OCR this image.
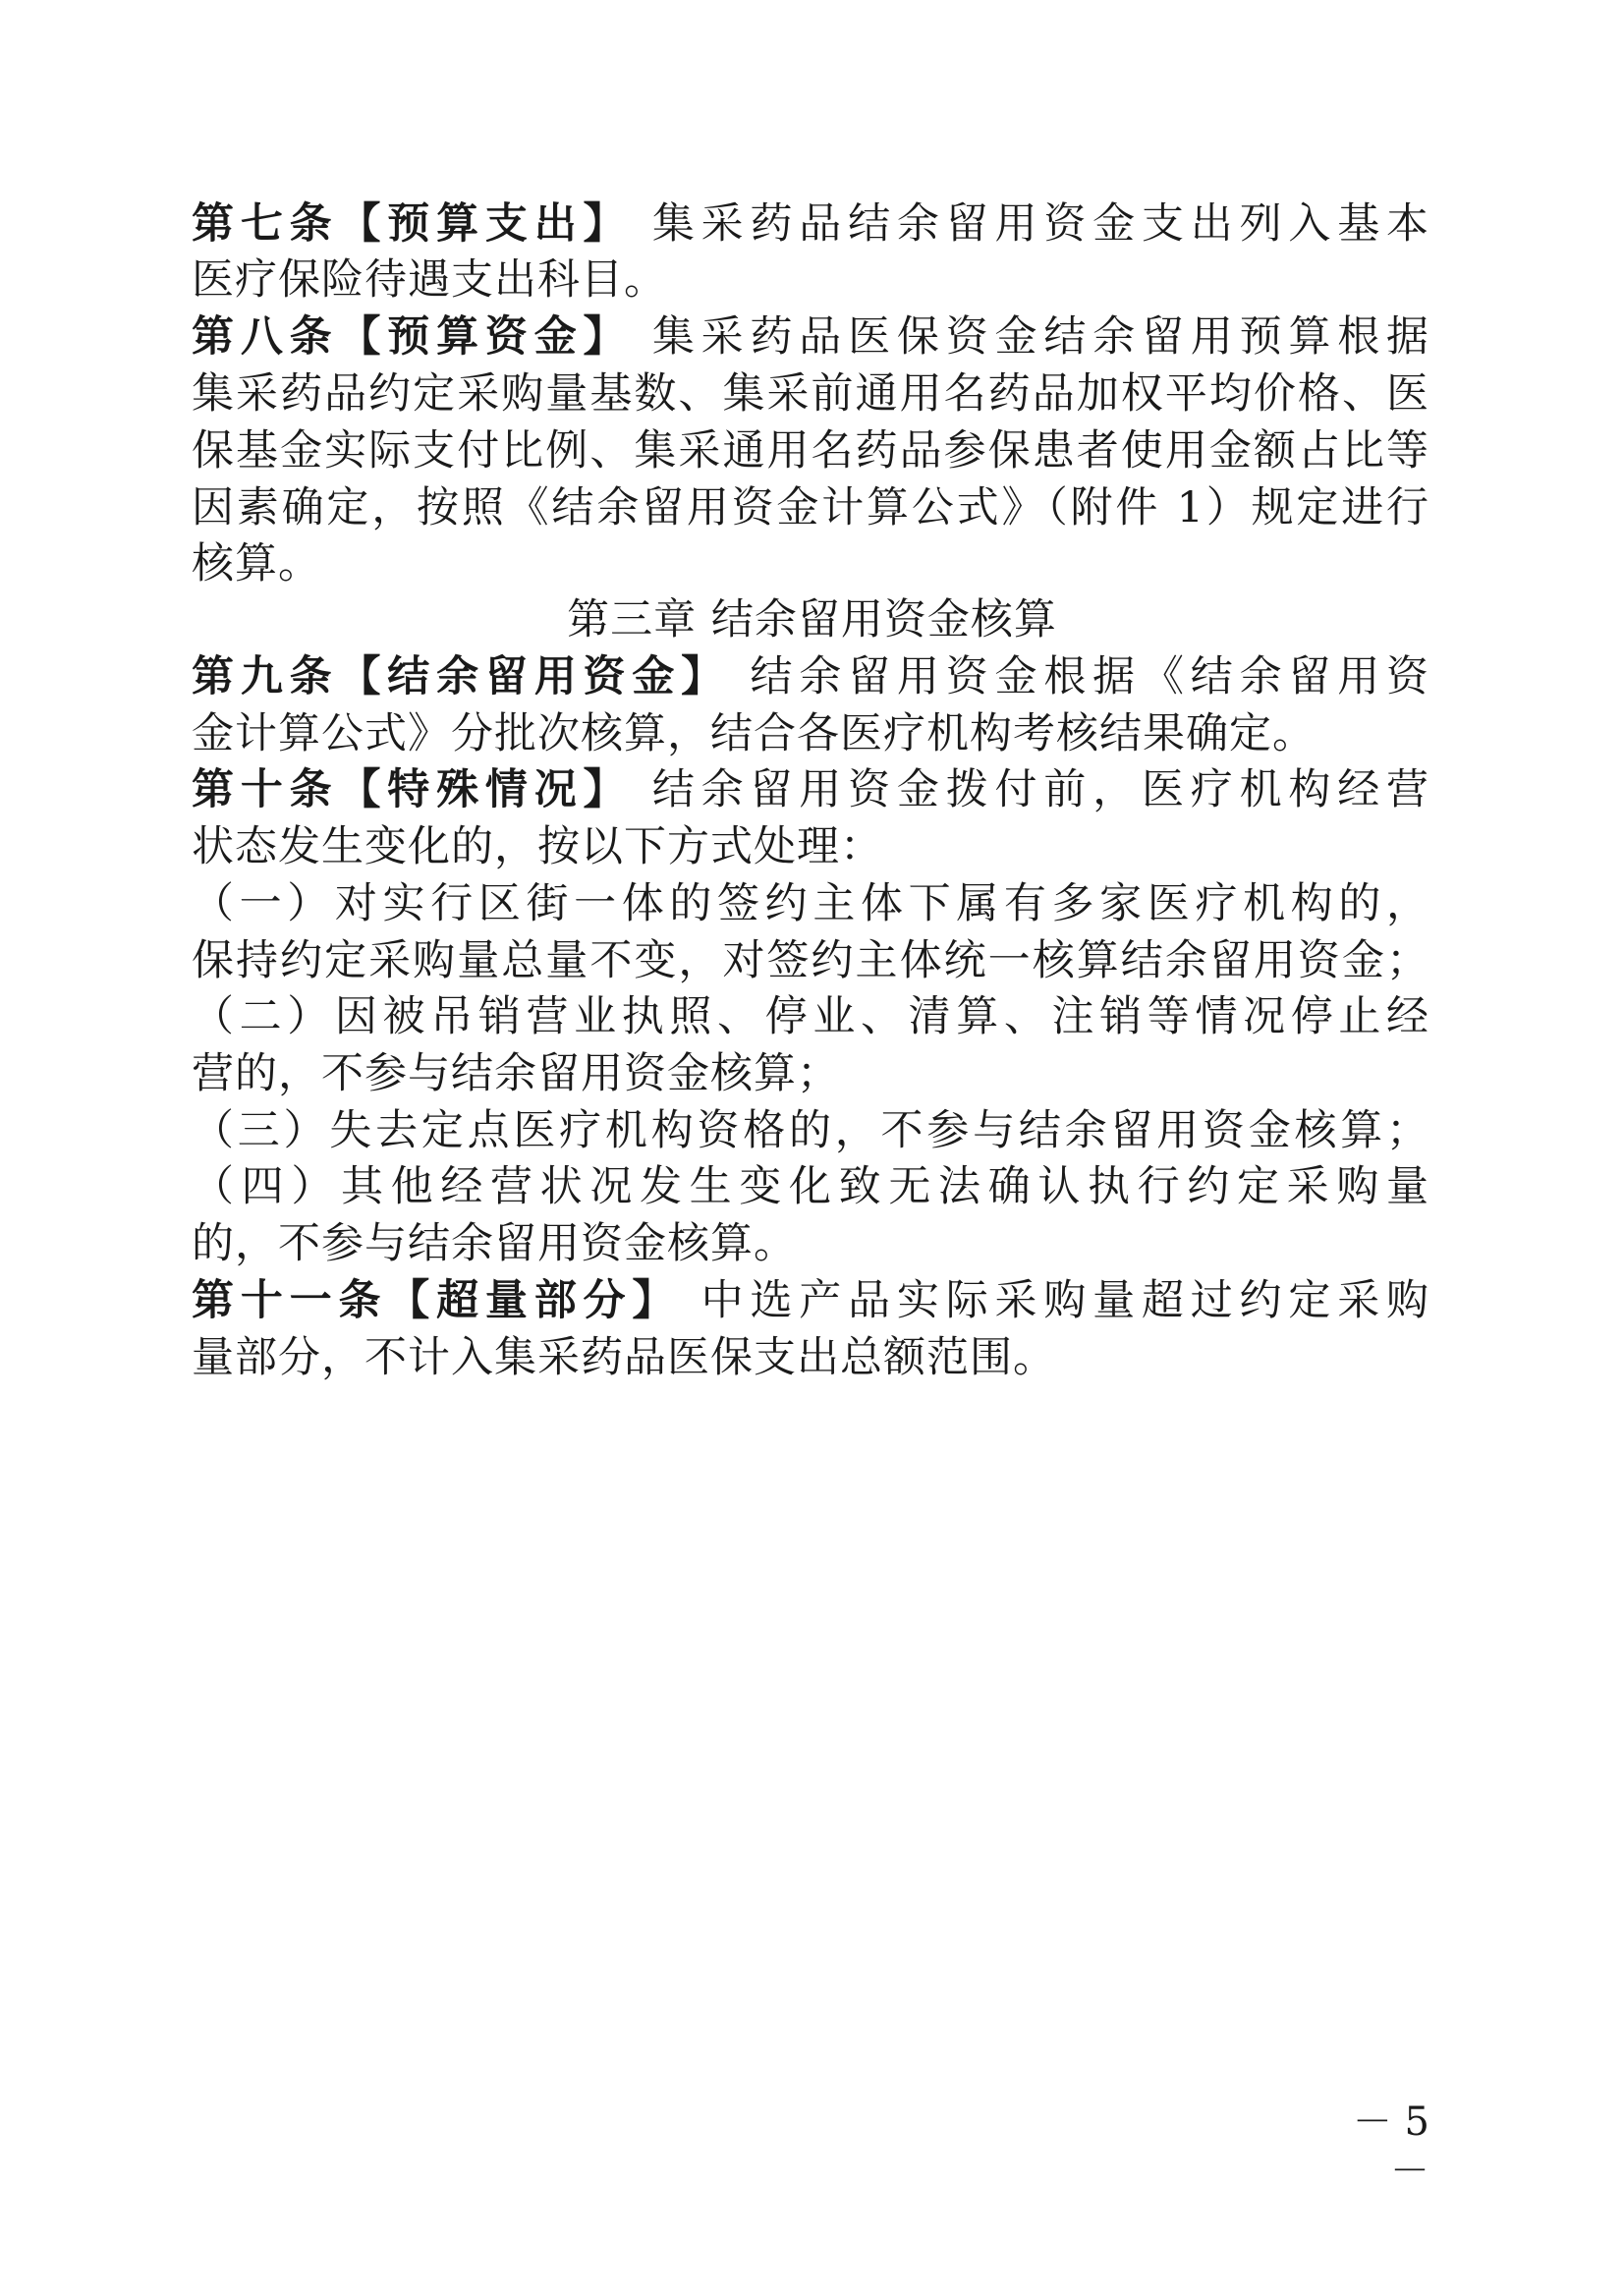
第七条【预算支出】 集采药品结余留用资金支出列入基本
医疗保险待遇支出科目。
第八条【预算资金】 集采药品医保资金结余留用预算根据
集采药品约定采购量基数、集采前通用名药品加权平均价格、医
保基金实际支付比例、集采通用名药品参保患者使用金额占比等
因素确定，按照《结余留用资金计算公式》（附件 1）规定进行
核算。
第三章 结余留用资金核算
第九条【结余留用资金】 结余留用资金根据《结余留用资
金计算公式》分批次核算，结合各医疗机构考核结果确定。
第十条【特殊情况】 结余留用资金拨付前，医疗机构经营
状态发生变化的，按以下方式处理：
（一）对实行区街一体的签约主体下属有多家医疗机构的，
保持约定采购量总量不变，对签约主体统一核算结余留用资金；
（二）因被吊销营业执照、停业、清算、注销等情况停止经
营的，不参与结余留用资金核算；
（三）失去定点医疗机构资格的，不参与结余留用资金核算；
（四）其他经营状况发生变化致无法确认执行约定采购量
的，不参与结余留用资金核算。
第十一条【超量部分】 中选产品实际采购量超过约定采购
量部分，不计入集采药品医保支出总额范围。
－ 5 －
